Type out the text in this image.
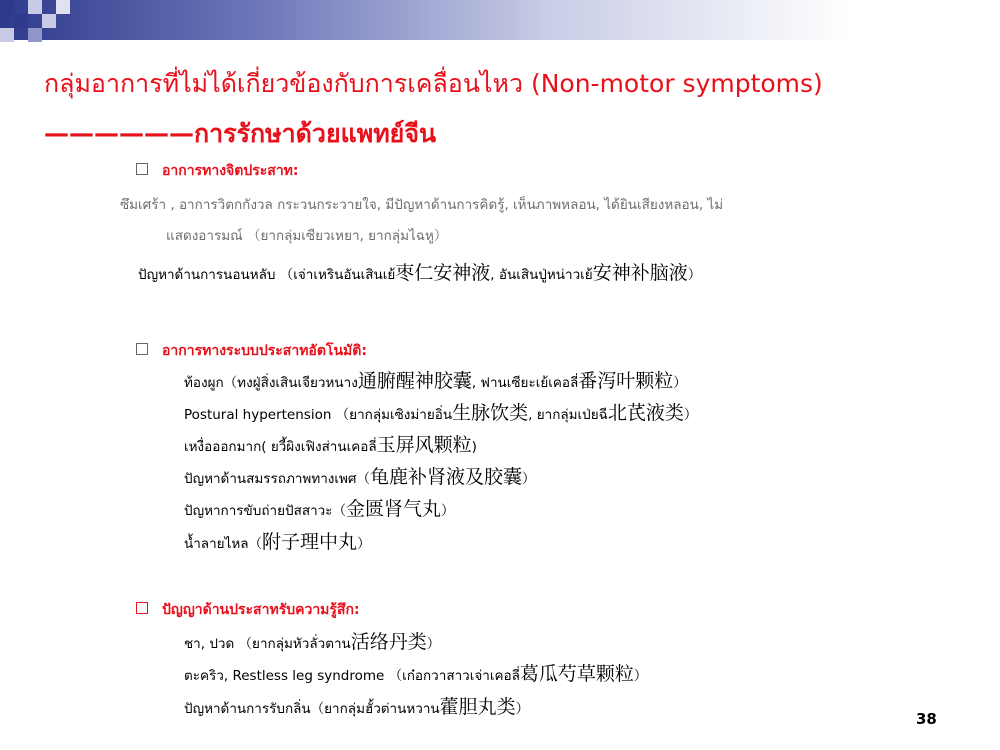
กลุ่มอาการที่ไม่ได้เกี่ยวข้องกับการเคลื่อนไหว (Non-motor symptoms)
——————การรักษาด้วยแพทย์จีน
อาการทางจิตประสาท:
ซึมเศร้า , อาการวิตกกังวล กระวนกระวายใจ, มีปัญหาด้านการคิดรู้, เห็นภาพหลอน, ได้ยินเสียงหลอน, ไม่
แสดงอารมณ์ （ยากลุ่มเซียวเหยา, ยากลุ่มไฉหู）
ปัญหาด้านการนอนหลับ （เจ่าเหรินอันเสินเย้枣仁安神液, อันเสินปู่หน่าวเย้安神补脑液）
อาการทางระบบประสาทอัตโนมัติ:
ท้องผูก（ทงฝู่สิ่งเสินเจียวหนาง通腑醒神胶囊, ฟานเซียะเย้เคอลี่番泻叶颗粒）
Postural hypertension （ยากลุ่มเซิงม่ายอิ่น生脉饮类, ยากลุ่มเป่ยฉี北芪液类）
เหงื่อออกมาก( ยวี้ผิงเฟิงส่านเคอลี่玉屏风颗粒)
ปัญหาด้านสมรรถภาพทางเพศ（龟鹿补肾液及胶囊）
ปัญหาการขับถ่ายปัสสาวะ（金匮肾气丸）
น้ำลายไหล（附子理中丸）
ปัญญาด้านประสาทรับความรู้สึก:
ชา, ปวด （ยากลุ่มหัวลั่วตาน活络丹类）
ตะคริว, Restless leg syndrome （เก๋อกวาสาวเจ่าเคอลี่葛瓜芍草颗粒）
ปัญหาด้านการรับกลิ่น（ยากลุ่มฮั้วต่านหวาน藿胆丸类）
38
